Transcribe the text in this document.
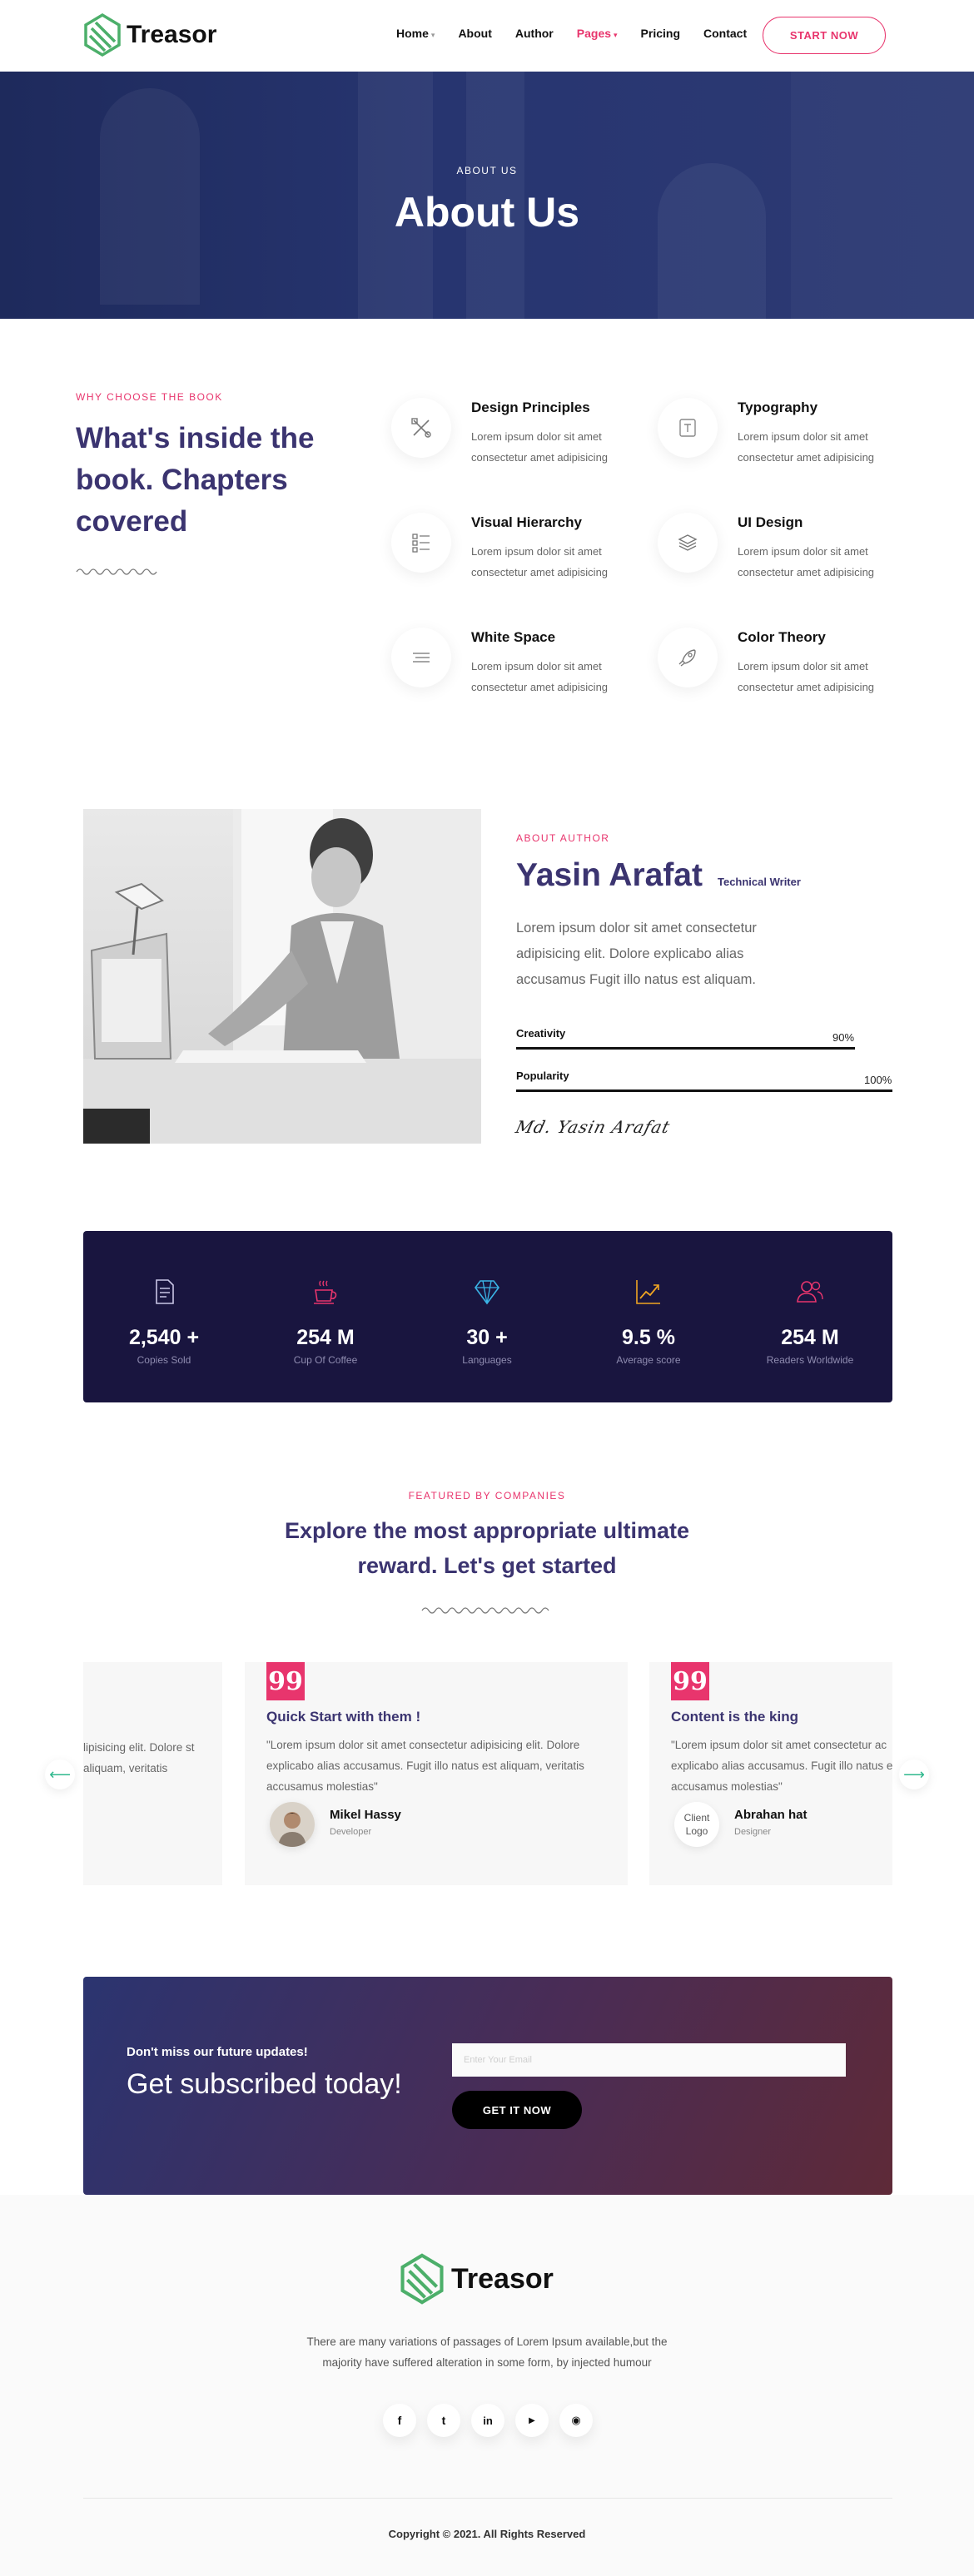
Treasor	Home ▾ About Author Pages ▾ Pricing Contact	START NOW
ABOUT US
About Us
WHY CHOOSE THE BOOK
What's inside the book. Chapters covered
Design Principles
Lorem ipsum dolor sit amet consectetur amet adipisicing
Typography
Lorem ipsum dolor sit amet consectetur amet adipisicing
Visual Hierarchy
Lorem ipsum dolor sit amet consectetur amet adipisicing
UI Design
Lorem ipsum dolor sit amet consectetur amet adipisicing
White Space
Lorem ipsum dolor sit amet consectetur amet adipisicing
Color Theory
Lorem ipsum dolor sit amet consectetur amet adipisicing
ABOUT AUTHOR
Yasin Arafat Technical Writer
Lorem ipsum dolor sit amet consectetur adipisicing elit. Dolore explicabo alias accusamus Fugit illo natus est aliquam.
Creativity	90%
Popularity	100%
Md. Yasin Arafat
2,540 +
Copies Sold
254 M
Cup Of Coffee
30 +
Languages
9.5 %
Average score
254 M
Readers Worldwide
FEATURED BY COMPANIES
Explore the most appropriate ultimate reward. Let's get started
lipisicing elit. Dolore st aliquam, veritatis
99
Quick Start with them !
"Lorem ipsum dolor sit amet consectetur adipisicing elit. Dolore explicabo alias accusamus. Fugit illo natus est aliquam, veritatis accusamus molestias"
Mikel Hassy
Developer
99
Content is the king
"Lorem ipsum dolor sit amet consectetur ac explicabo alias accusamus. Fugit illo natus e accusamus molestias"
Client Logo
Abrahan hat
Designer
⟵	⟶
Don't miss our future updates!
Get subscribed today!
Enter Your Email
GET IT NOW
Treasor
There are many variations of passages of Lorem Ipsum available,but the majority have suffered alteration in some form, by injected humour
f	t	in	▶	◉
Copyright © 2021. All Rights Reserved
